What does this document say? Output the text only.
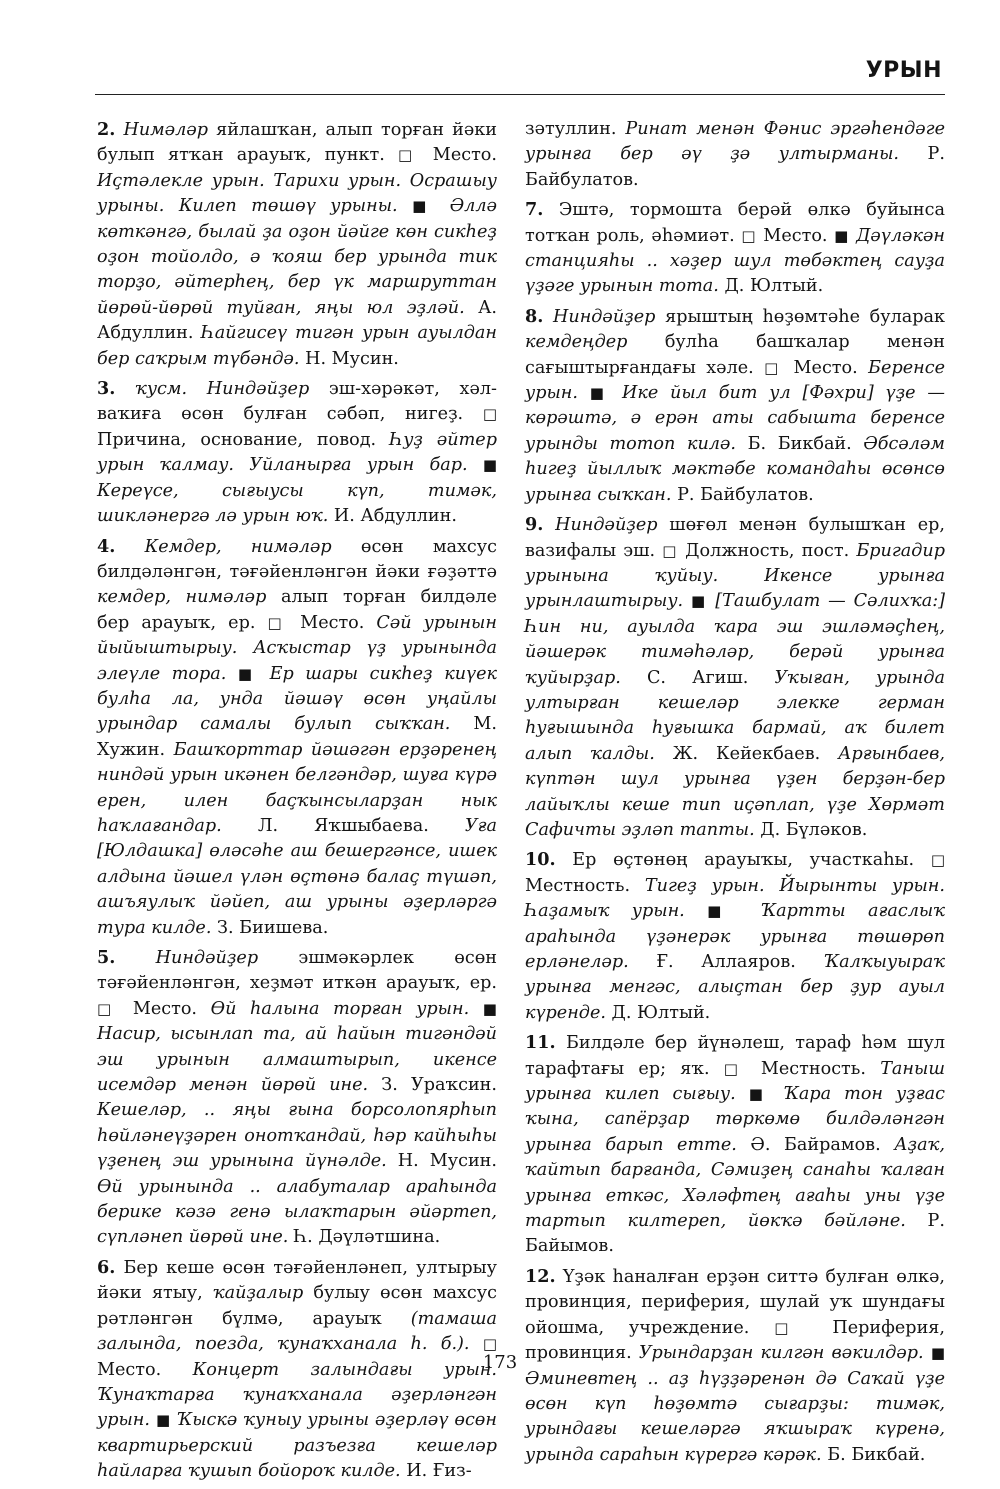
УРЫН

2. Нимәләр яйлашҡан, алып торған йәки булып ятҡан арауыҡ, пункт. □ Место. Иҫтәлекле урын. Тарихи урын. Осрашыу урыны. Килеп төшөү урыны. ■ Әллә көткәнгә, былай ҙа оҙон йәйге көн сикһеҙ оҙон тойолдо, ә ҡояш бер урында тик торҙо, әйтерһең, бер үк маршруттан йөрөй-йөрөй туйған, яңы юл эҙләй. А. Абдуллин. Һайгисеү тигән урын ауылдан бер саҡрым түбәндә. Н. Мусин.

3. ҡусм. Ниндәйҙер эш-хәрәкәт, хәл-ваҡиға өсөн булған сәбәп, нигеҙ. □ Причина, основание, повод. Һуҙ әйтер урын ҡалмау. Уйланырға урын бар. ■ Кереүсе, сығыусы күп, тимәк, шикләнергә лә урын юҡ. И. Абдуллин.

4. Кемдер, нимәләр өсөн махсус билдәләнгән, тәғәйенләнгән йәки ғәҙәттә кемдер, нимәләр алып торған билдәле бер арауыҡ, ер. □ Место. Сәй урынын йыйыштырыу. Асҡыстар үҙ урынында элеүле тора. ■ Ер шары сикһеҙ киүек булһа ла, унда йәшәү өсөн уңайлы урындар самалы булып сыҡҡан. М. Хужин. Башҡорттар йәшәгән ерҙәренең ниндәй урын икәнен белгәндәр, шуға күрә ерен, илен баҫҡынсыларҙан нык һаҡлағандар. Л. Яҡшыбаева. Уға [Юлдашка] өләсәһе аш бешергәнсе, ишек алдына йәшел үлән өҫтөнә балаҫ түшәп, ашъяулыҡ йәйеп, аш урыны әҙерләргә тура килде. З. Биишева.

5. Ниндәйҙер эшмәкәрлек өсөн тәғәйенләнгән, хеҙмәт иткән арауыҡ, ер. □ Место. Өй һалына торған урын. ■ Насир, ысынлап та, ай һайын тигәндәй эш урынын алмаштырып, икенсе исемдәр менән йөрөй ине. З. Ураҡсин. Кешеләр, .. яңы ғына борсолопярһып һөйләнеүҙәрен онотҡандай, һәр кайһыһы үҙенең эш урынына йүнәлде. Н. Мусин. Өй урынында .. алабуталар араһында берике кәзә генә ылаҡтарын әйәртеп, сүпләнеп йөрөй ине. Һ. Дәүләтшина.

6. Бер кеше өсөн тәғәйенләнеп, ултырыу йәки ятыу, ҡайҙалыр булыу өсөн махсус рәтләнгән бүлмә, арауыҡ (тамаша залында, поезда, ҡунаҡханала һ. б.). □ Место. Концерт залындағы урын. Ҡунаҡтарға ҡунаҡханала әҙерләнгән урын. ■ Ҡыскә ҡуныу урыны әҙерләү өсөн квартирьерский разъезға кешеләр һайларға ҡушып бойороҡ килде. И. Ғиз-

зәтуллин. Ринат менән Фәнис эргәһендәге урынға бер әү ҙә ултырманы. Р. Байбулатов.

7. Эштә, тормошта берәй өлкә буйынса тотҡан роль, әһәмиәт. □ Место. ■ Дәүләкән станцияһы .. хәҙер шул төбәктең сауҙа үҙәге урынын тота. Д. Юлтый.

8. Ниндәйҙер ярыштың һөҙөмтәһе буларак кемдеңдер булһа башҡалар менән сағыштырғандағы хәле. □ Место. Беренсе урын. ■ Ике йыл бит ул [Фәхри] үҙе — көрәштә, ә ерән аты сабышта беренсе урынды тотоп килә. Б. Бикбай. Әбсәләм һигеҙ йыллыҡ мәктәбе командаһы өсөнсө урынға сыҡкан. Р. Байбулатов.

9. Ниндәйҙер шөғөл менән булышҡан ер, вазифалы эш. □ Должность, пост. Бригадир урынына ҡуйыу. Икенсе урынға урынлаштырыу. ■ [Ташбулат — Сәлихҡа:] Һин ни, ауылда ҡара эш эшләмәҫһең, йәшерәк тимәһәләр, берәй урынға ҡуйырҙар. С. Агиш. Уҡыған, урында ултырған кешеләр элеккe герман һуғышында һуғышка бармай, аҡ билет алып ҡалды. Ж. Кейекбаев. Арғынбаев, күптән шул урынға үҙен берҙән-бер лайыҡлы кеше тип иҫәплап, үҙе Хөрмәт Сафичты эҙләп тапты. Д. Бүләков.

10. Ер өҫтөнөң арауыҡы, участкаһы. □ Местность. Тигеҙ урын. Йырынты урын. Һаҙамыҡ урын. ■ Ҡартты ағаслыҡ араһында үҙәнерәк урынға төшөрөп ерләнеләр. Ғ. Аллаяров. Ҡалҡыуыраҡ урынға менгәс, алыҫтан бер ҙур ауыл күренде. Д. Юлтый.

11. Билдәле бер йүнәлеш, тараф һәм шул тарафтағы ер; яҡ. □ Местность. Таныш урынға килеп сығыу. ■ Ҡара тон уҙғас ҡына, сапёрҙар төркөмө билдәләнгән урынға барып етте. Ә. Байрамов. Аҙаҡ, ҡайтып барғанда, Сәмиҙең санаһы ҡалған урынға еткәс, Хәләфтең ағаһы уны үҙе тартып килтереп, йөкҡә бәйләне. Р. Байымов.

12. Үҙәк һаналған ерҙән ситтә булған өлкә, провинция, периферия, шулай уҡ шундағы ойошма, учреждение. □ Периферия, провинция. Урындарҙан килгән вәкилдәр. ■ Әминевтең .. аҙ һүҙҙәренән дә Саҡай үҙе өсөн күп һөҙөмтә сығарҙы: тимәк, урындағы кешеләргә яҡшыраҡ күренә, урында сараһын күрергә кәрәк. Б. Бикбай.

173
